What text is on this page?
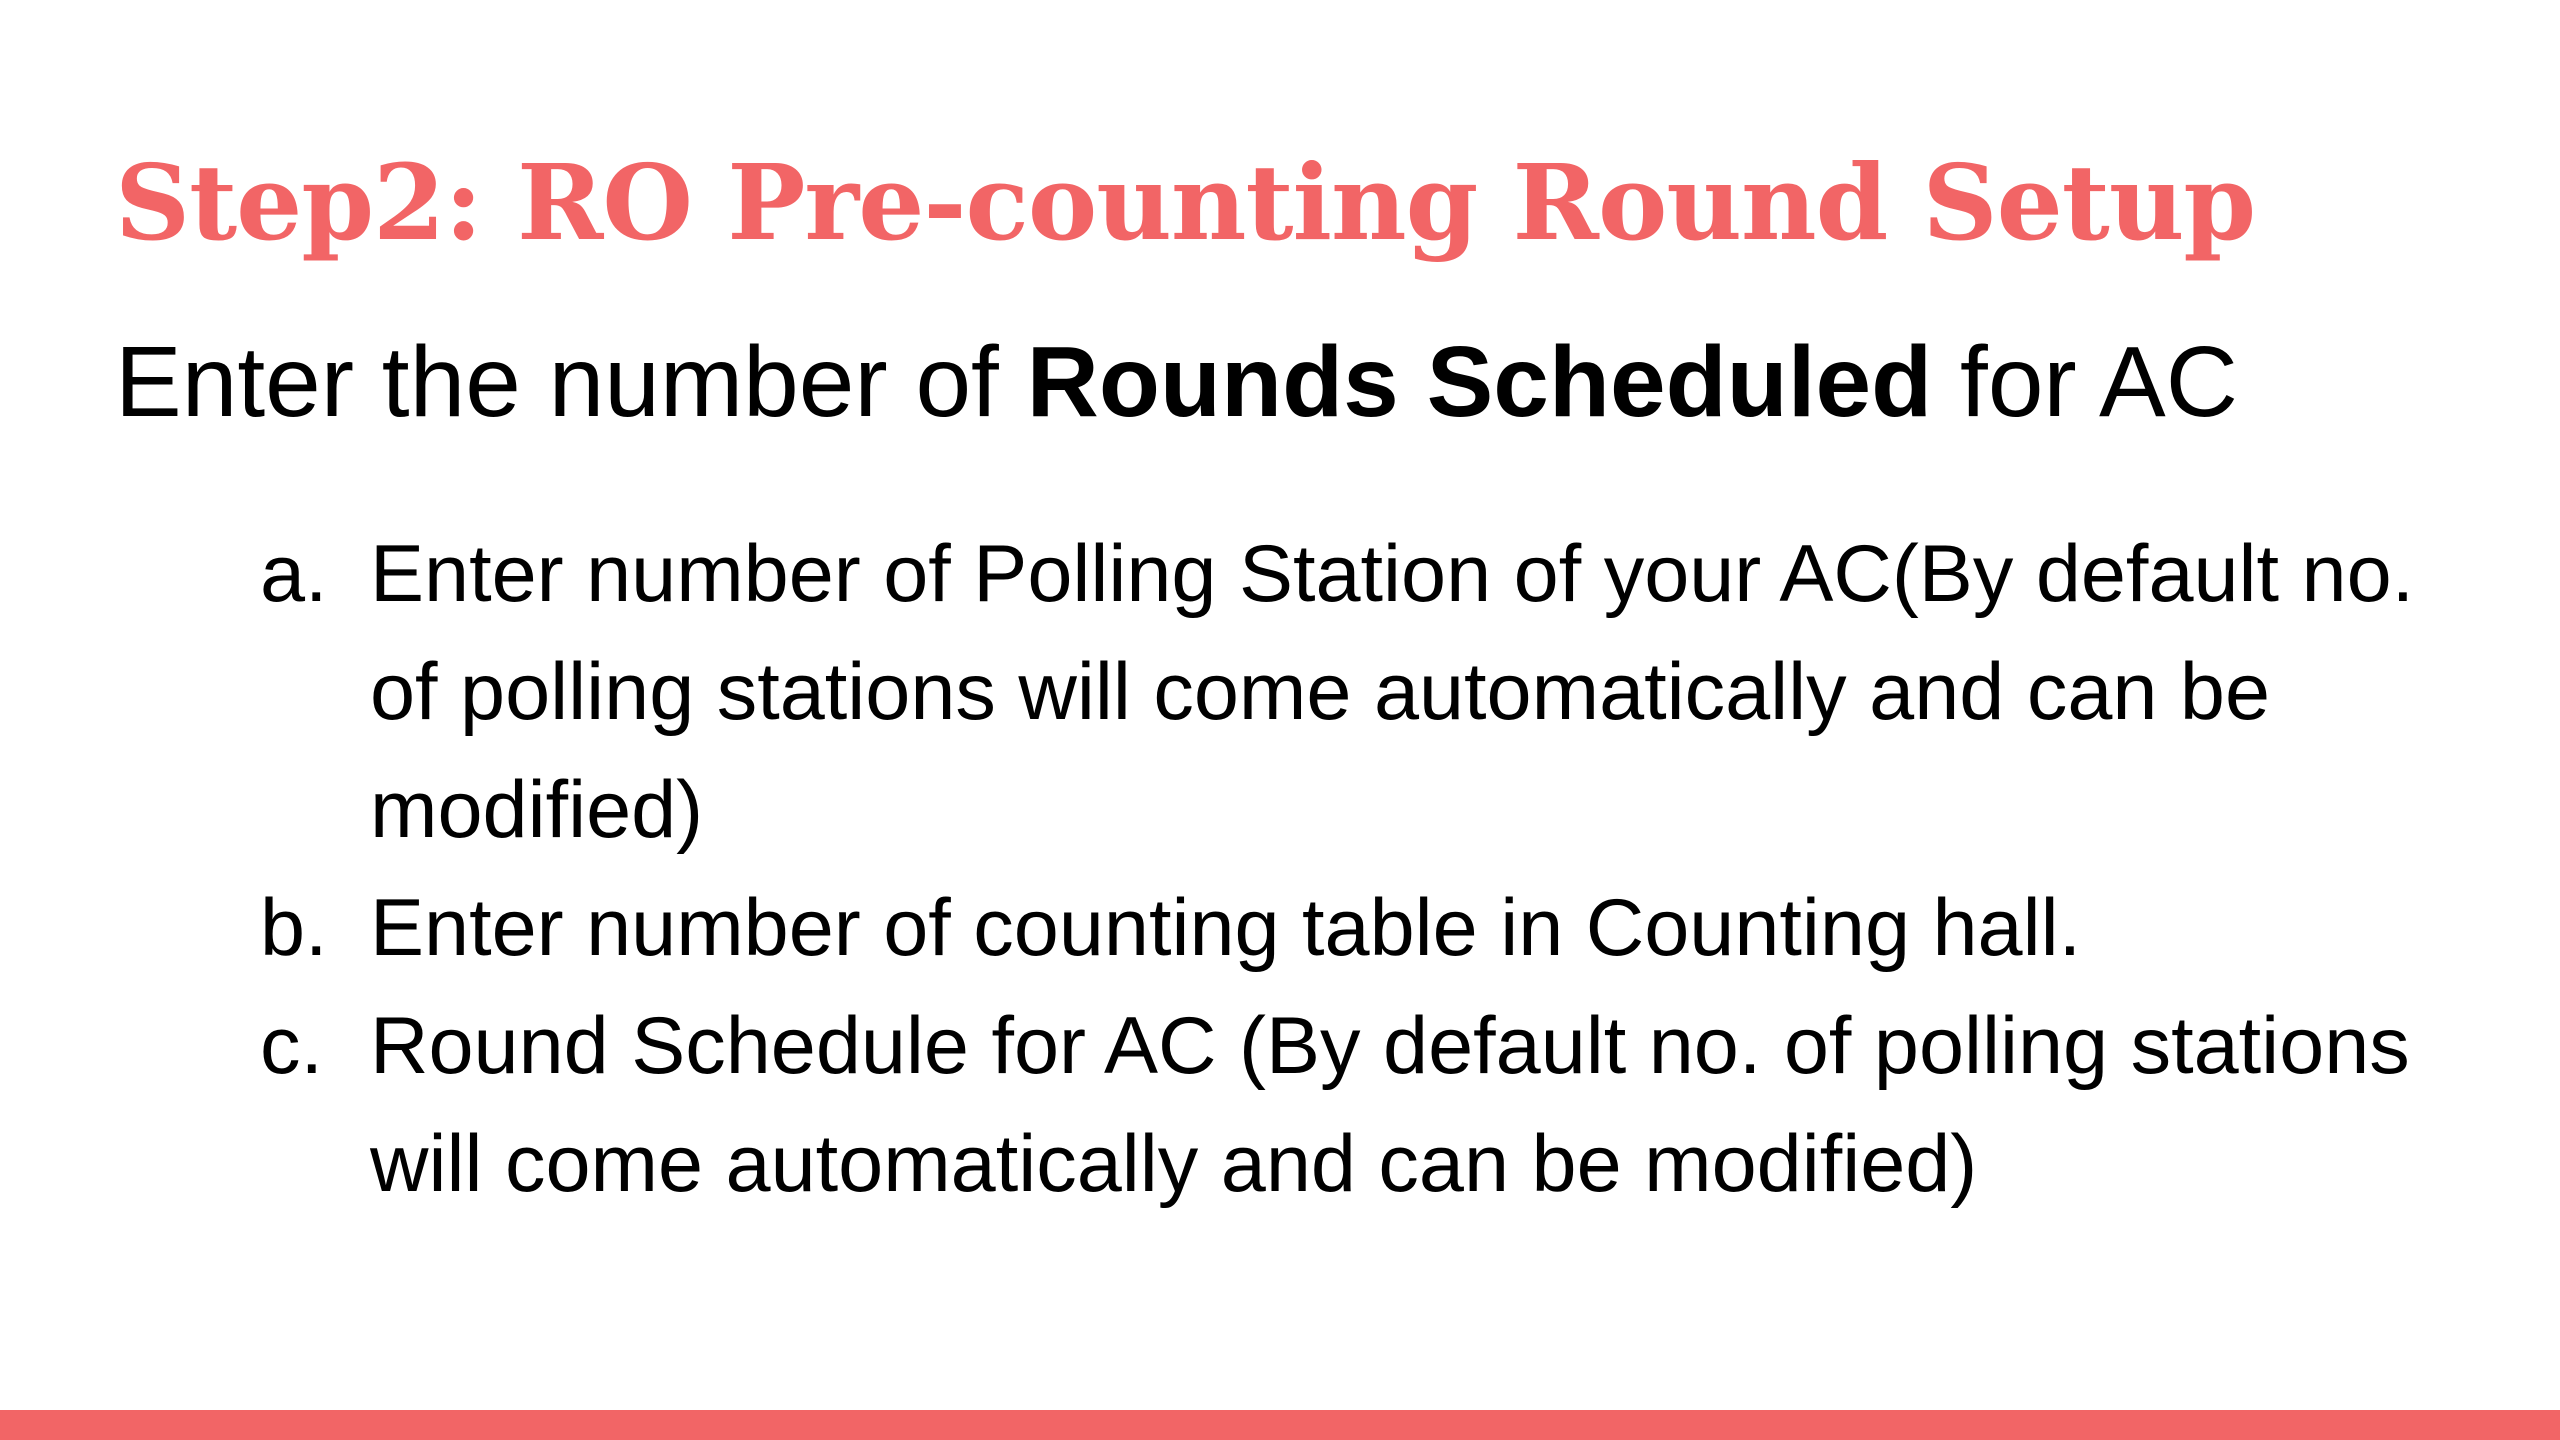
Step2: RO Pre-counting Round Setup

Enter the number of Rounds Scheduled for AC

a. Enter number of Polling Station of your AC(By default no. of polling stations will come automatically and can be modified)
b. Enter number of counting table in Counting hall.
c. Round Schedule for AC (By default no. of polling stations will come automatically and can be modified)
